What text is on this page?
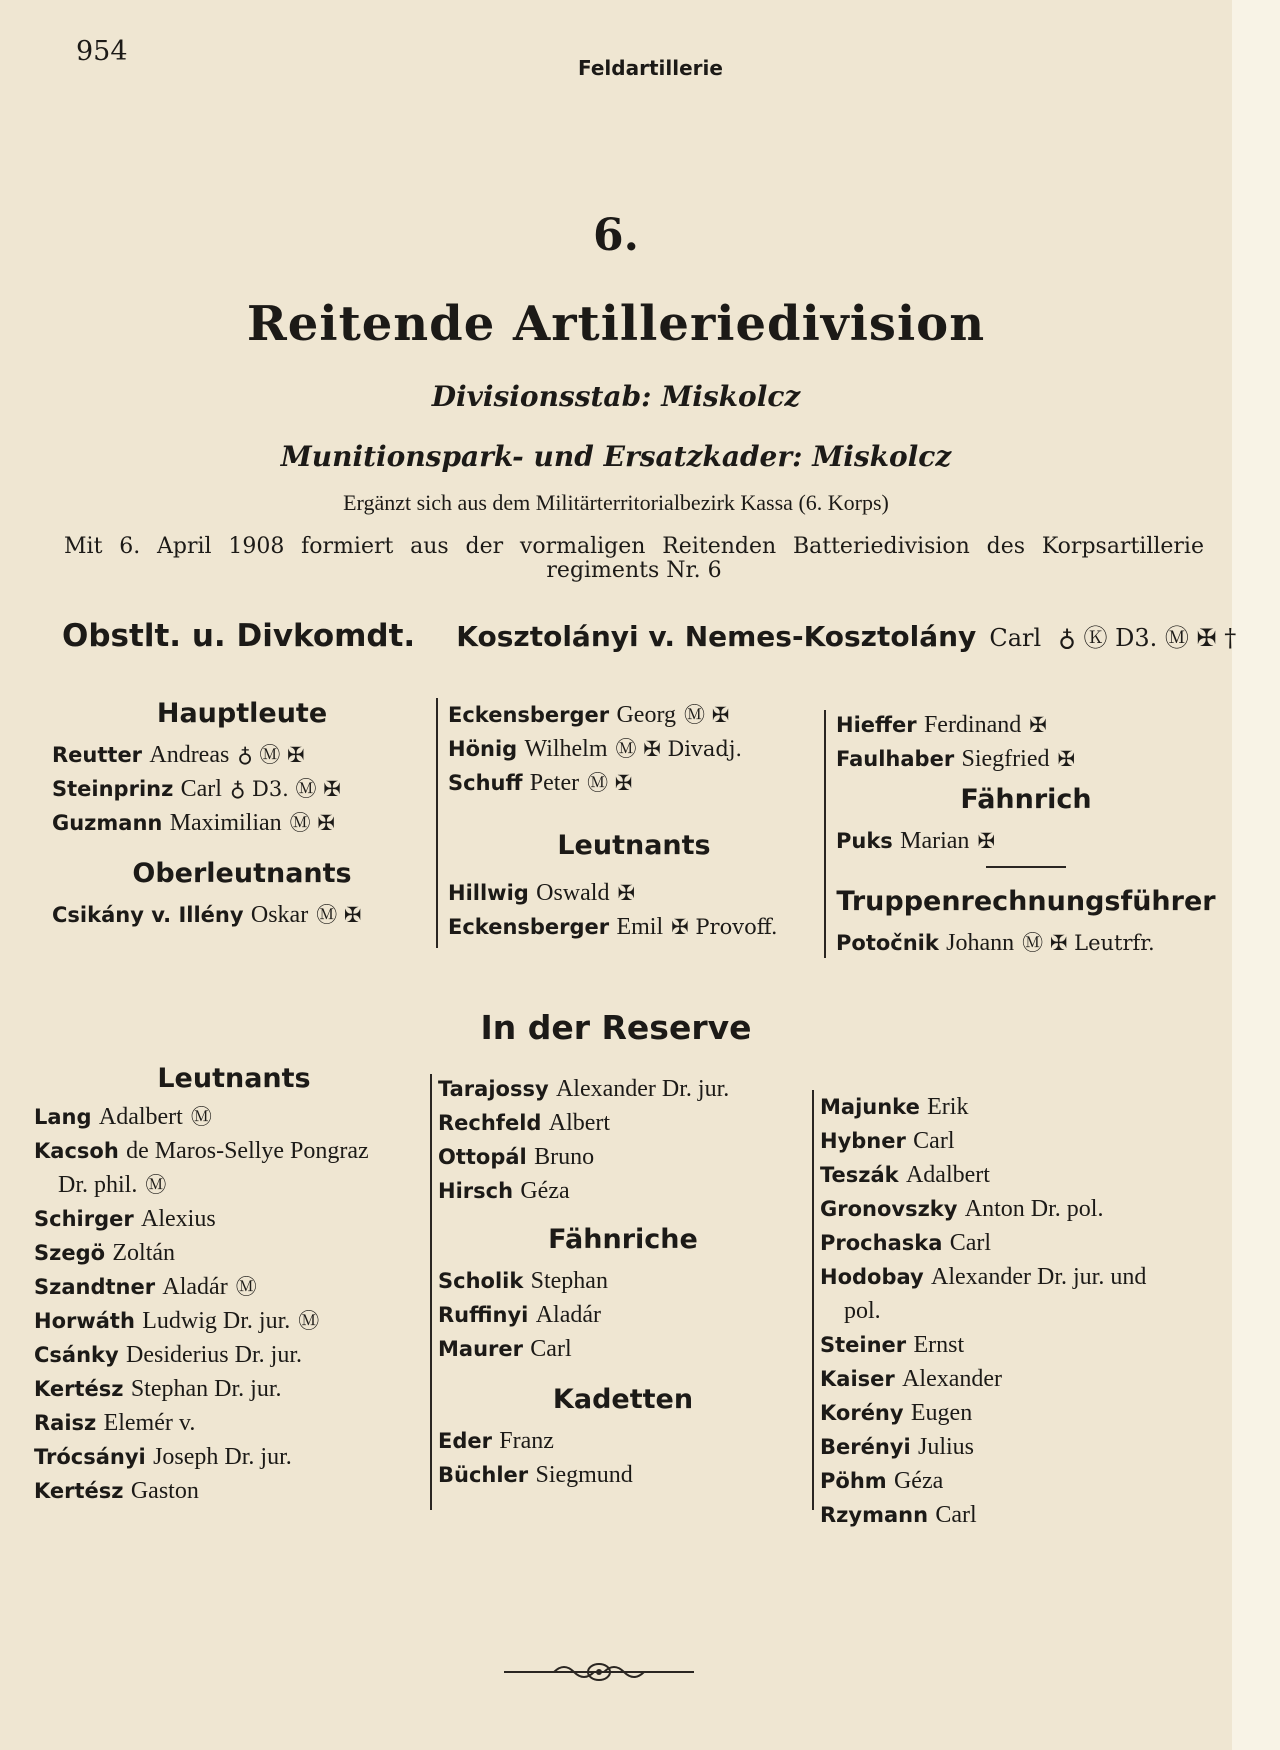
954
Feldartillerie
6.
Reitende Artilleriedivision
Divisionsstab: Miskolcz
Munitionspark- und Ersatzkader: Miskolcz
Ergänzt sich aus dem Militärterritorialbezirk Kassa (6. Korps)
Mit 6. April 1908 formiert aus der vormaligen Reitenden Batteriedivision des Korpsartillerie regiments Nr. 6
Obstlt. u. Divkomdt. Kosztolányi v. Nemes-Kosztolány Carl ♁ Ⓚ D3. Ⓜ ✠ †
Hauptleute
Reutter Andreas ♁ Ⓜ ✠
Steinprinz Carl ♁ D3. Ⓜ ✠
Guzmann Maximilian Ⓜ ✠
Oberleutnants
Csikány v. Illény Oskar Ⓜ ✠
Eckensberger Georg Ⓜ ✠
Hönig Wilhelm Ⓜ ✠ Divadj.
Schuff Peter Ⓜ ✠
Leutnants
Hillwig Oswald ✠
Eckensberger Emil ✠ Provoff.
Hieffer Ferdinand ✠
Faulhaber Siegfried ✠
Fähnrich
Puks Marian ✠
Truppenrechnungsführer
Potočnik Johann Ⓜ ✠ Leutrfr.
In der Reserve
Leutnants
Lang Adalbert Ⓜ
Kacsoh de Maros-Sellye Pongraz
Dr. phil. Ⓜ
Schirger Alexius
Szegö Zoltán
Szandtner Aladár Ⓜ
Horwáth Ludwig Dr. jur. Ⓜ
Csánky Desiderius Dr. jur.
Kertész Stephan Dr. jur.
Raisz Elemér v.
Trócsányi Joseph Dr. jur.
Kertész Gaston
Tarajossy Alexander Dr. jur.
Rechfeld Albert
Ottopál Bruno
Hirsch Géza
Fähnriche
Scholik Stephan
Ruffinyi Aladár
Maurer Carl
Kadetten
Eder Franz
Büchler Siegmund
Majunke Erik
Hybner Carl
Teszák Adalbert
Gronovszky Anton Dr. pol.
Prochaska Carl
Hodobay Alexander Dr. jur. und
pol.
Steiner Ernst
Kaiser Alexander
Korény Eugen
Berényi Julius
Pöhm Géza
Rzymann Carl
